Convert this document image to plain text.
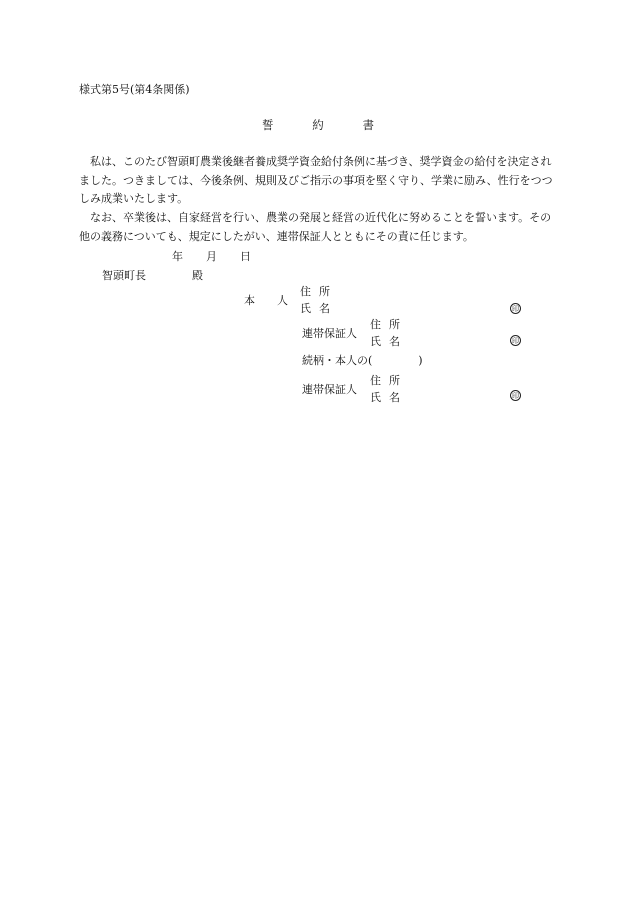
様式第5号(第4条関係)
誓	約	書
私は、このたび智頭町農業後継者養成奨学資金給付条例に基づき、奨学資金の給付を決定されました。つきましては、今後条例、規則及びご指示の事項を堅く守り、学業に励み、性行をつつしみ成業いたします。
なお、卒業後は、自家経営を行い、農業の発展と経営の近代化に努めることを誓います。その他の義務についても、規定にしたがい、連帯保証人とともにその責に任じます。
年 月 日
智頭町長	殿
本 人
住 所
氏 名	印
連帯保証人
住 所
氏 名	印
続柄・本人の(	)
連帯保証人
住 所
氏 名	印
